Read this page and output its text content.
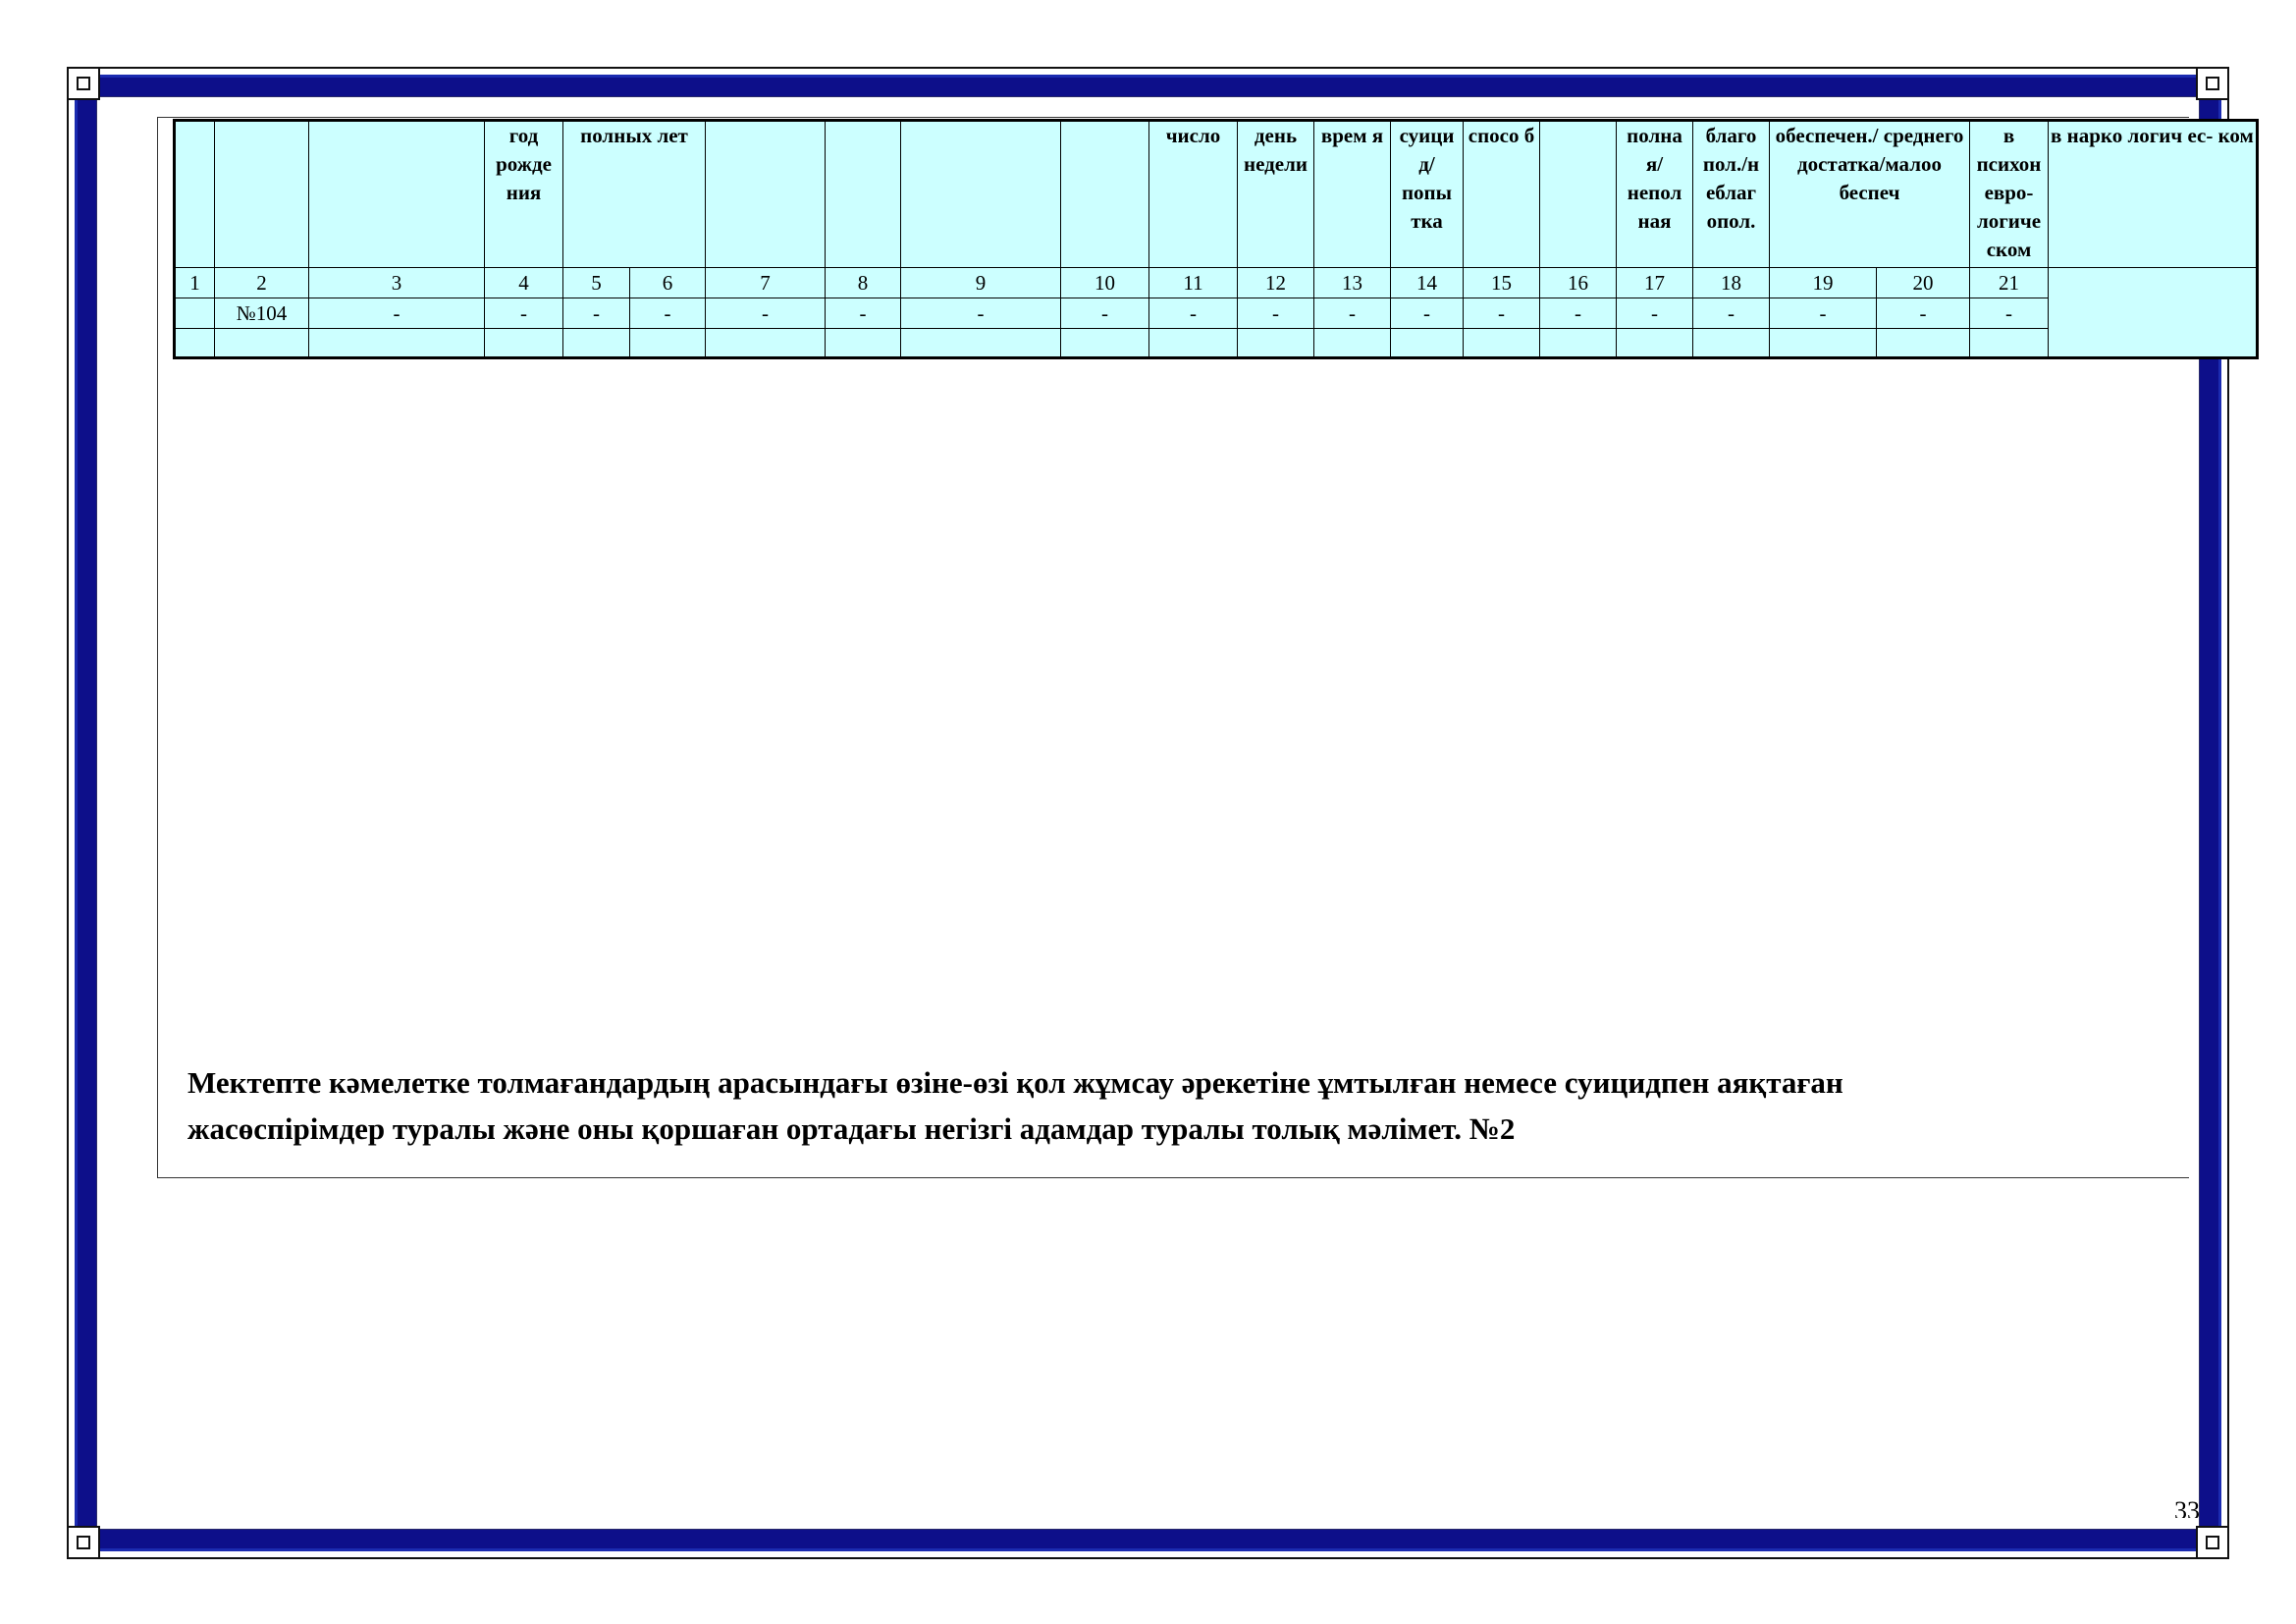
			год рожде ния	полных лет						число	день недели	врем я	суици д/ попы тка	спосо б		полна я/ непол ная	благо пол./н еблаг опол.	обеспечен./ среднего достатка/малоо беспеч		в психон евро- логиче ском	в нарко логич ес- ком
1	2	3	4	5	6	7	8	9	10	11	12	13	14	15	16	17	18	19	20	21	
	№104	-	-	-	-	-	-	-	-	-	-	-	-	-	-	-	-	-	-	-	

Мектепте кәмелетке толмағандардың арасындағы өзіне-өзі қол жұмсау әрекетіне ұмтылған немесе суицидпен аяқтаған жасөспірімдер туралы және оны қоршаған ортадағы негізгі адамдар туралы толық мәлімет. №2
33
